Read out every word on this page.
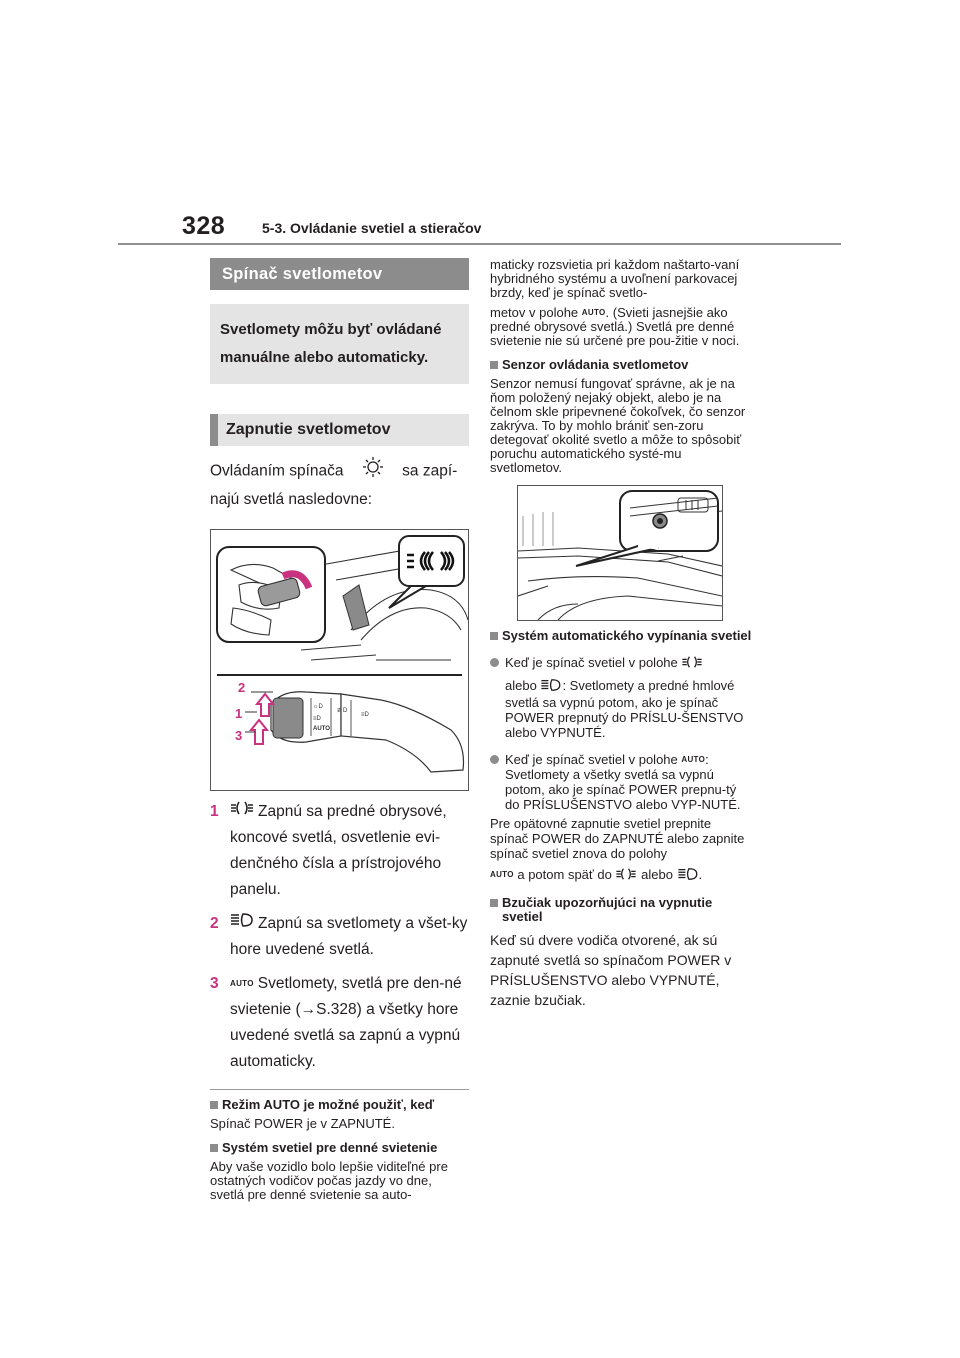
328	5-3. Ovládanie svetiel a stieračov
Spínač svetlometov
Svetlomety môžu byť ovládané manuálne alebo automaticky.
Zapnutie svetlometov
Ovládaním spínača	sa zapí-najú svetlá nasledovne:
☼D
≡D
AUTO
≢D
≡D
2
1
3
1	Zapnú sa predné obrysové, koncové svetlá, osvetlenie evi-denčného čísla a prístrojového panelu.
2	Zapnú sa svetlomety a všet-ky hore uvedené svetlá.
3	AUTO Svetlomety, svetlá pre den-né svietenie (→S.328) a všetky hore uvedené svetlá sa zapnú a vypnú automaticky.
Režim AUTO je možné použiť, keď
Spínač POWER je v ZAPNUTÉ.
Systém svetiel pre denné svietenie
Aby vaše vozidlo bolo lepšie viditeľné pre ostatných vodičov počas jazdy vo dne, svetlá pre denné svietenie sa auto-
maticky rozsvietia pri každom naštarto-vaní hybridného systému a uvoľnení parkovacej brzdy, keď je spínač svetlo-
metov v polohe AUTO. (Svieti jasnejšie ako predné obrysové svetlá.) Svetlá pre denné svietenie nie sú určené pre pou-žitie v noci.
Senzor ovládania svetlometov
Senzor nemusí fungovať správne, ak je na ňom položený nejaký objekt, alebo je na čelnom skle pripevnené čokoľvek, čo senzor zakrýva. To by mohlo brániť sen-zoru detegovať okolité svetlo a môže to spôsobiť poruchu automatického systé-mu svetlometov.
Systém automatického vypínania svetiel
Keď je spínač svetiel v polohe
alebo : Svetlomety a predné hmlové svetlá sa vypnú potom, ako je spínač POWER prepnutý do PRÍSLU-ŠENSTVO alebo VYPNUTÉ.
Keď je spínač svetiel v polohe AUTO: Svetlomety a všetky svetlá sa vypnú potom, ako je spínač POWER prepnu-tý do PRÍSLUŠENSTVO alebo VYP-NUTÉ.
Pre opätovné zapnutie svetiel prepnite spínač POWER do ZAPNUTÉ alebo zapnite spínač svetiel znova do polohy
AUTO a potom späť do alebo .
Bzučiak upozorňujúci na vypnutie svetiel
Keď sú dvere vodiča otvorené, ak sú zapnuté svetlá so spínačom POWER v PRÍSLUŠENSTVO alebo VYPNUTÉ, zaznie bzučiak.
